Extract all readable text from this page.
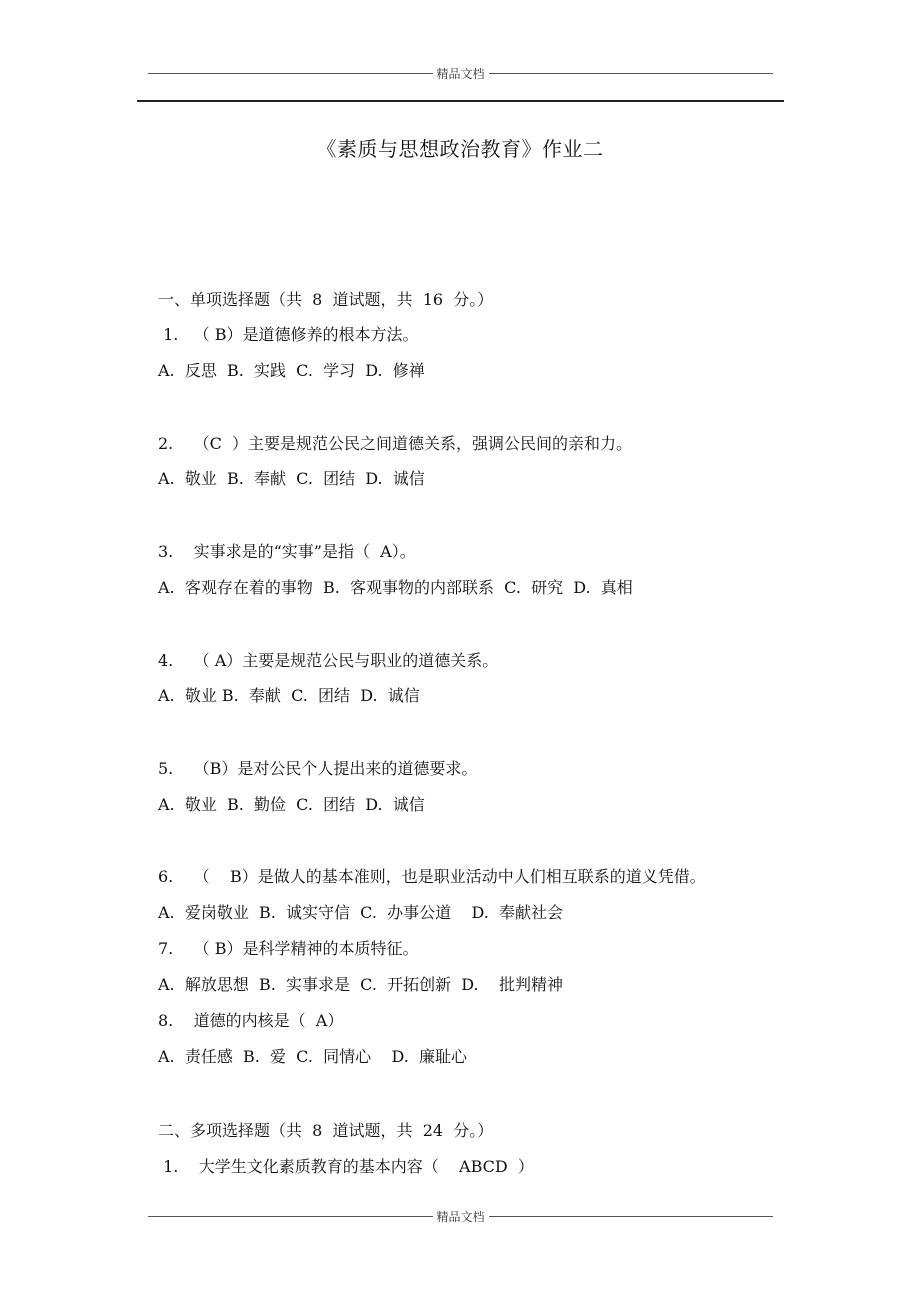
精品文档
《素质与思想政治教育》作业二
一、单项选择题（共  8  道试题，共  16  分。）
1.   （ B）是道德修养的根本方法。
A.  反思  B.  实践  C.  学习  D.  修禅
2.    （C  ）主要是规范公民之间道德关系，强调公民间的亲和力。
A.  敬业  B.  奉献  C.  团结  D.  诚信
3.    实事求是的“实事”是指（  A）。
A.  客观存在着的事物  B.  客观事物的内部联系  C.  研究  D.  真相
4.    （ A）主要是规范公民与职业的道德关系。
A.  敬业 B.  奉献  C.  团结  D.  诚信
5.    （B）是对公民个人提出来的道德要求。
A.  敬业  B.  勤俭  C.  团结  D.  诚信
6.    （    B）是做人的基本准则，也是职业活动中人们相互联系的道义凭借。
A.  爱岗敬业  B.  诚实守信  C.  办事公道    D.  奉献社会
7.    （ B）是科学精神的本质特征。
A.  解放思想  B.  实事求是  C.  开拓创新  D.    批判精神
8.    道德的内核是（  A）
A.  责任感  B.  爱  C.  同情心    D.  廉耻心
二、多项选择题（共  8  道试题，共  24  分。）
1.    大学生文化素质教育的基本内容（    ABCD  ）
精品文档
